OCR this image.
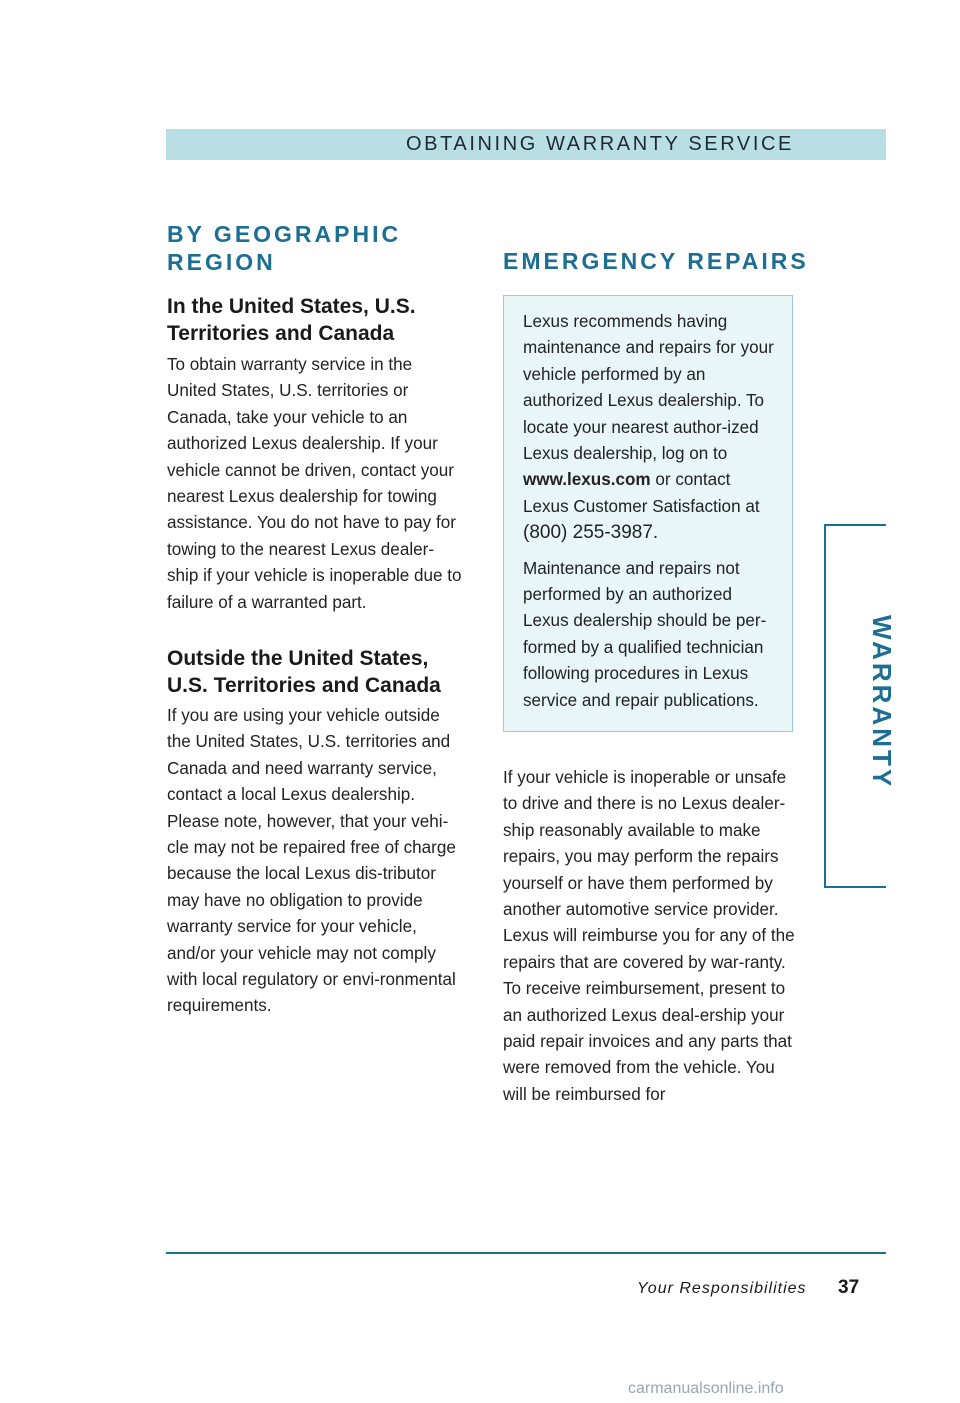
OBTAINING WARRANTY SERVICE
BY GEOGRAPHIC
REGION
In the United States, U.S.
Territories and Canada
To obtain warranty service in the United States, U.S. territories or Canada, take your vehicle to an authorized Lexus dealership. If your vehicle cannot be driven, contact your nearest Lexus dealership for towing assistance. You do not have to pay for towing to the nearest Lexus dealer-ship if your vehicle is inoperable due to failure of a warranted part.
Outside the United States,
U.S. Territories and Canada
If you are using your vehicle outside the United States, U.S. territories and Canada and need warranty service, contact a local Lexus dealership. Please note, however, that your vehi-cle may not be repaired free of charge because the local Lexus dis-tributor may have no obligation to provide warranty service for your vehicle, and/or your vehicle may not comply with local regulatory or envi-ronmental requirements.
EMERGENCY REPAIRS

Lexus recommends having maintenance and repairs for your vehicle performed by an authorized Lexus dealership. To locate your nearest author-ized Lexus dealership, log on to www.lexus.com or contact Lexus Customer Satisfaction at (800) 255-3987.

Maintenance and repairs not performed by an authorized Lexus dealership should be per-formed by a qualified technician following procedures in Lexus service and repair publications.

If your vehicle is inoperable or unsafe to drive and there is no Lexus dealer-ship reasonably available to make repairs, you may perform the repairs yourself or have them performed by another automotive service provider. Lexus will reimburse you for any of the repairs that are covered by war-ranty. To receive reimbursement, present to an authorized Lexus deal-ership your paid repair invoices and any parts that were removed from the vehicle. You will be reimbursed for
WARRANTY
Your Responsibilities 37
carmanualsonline.info
